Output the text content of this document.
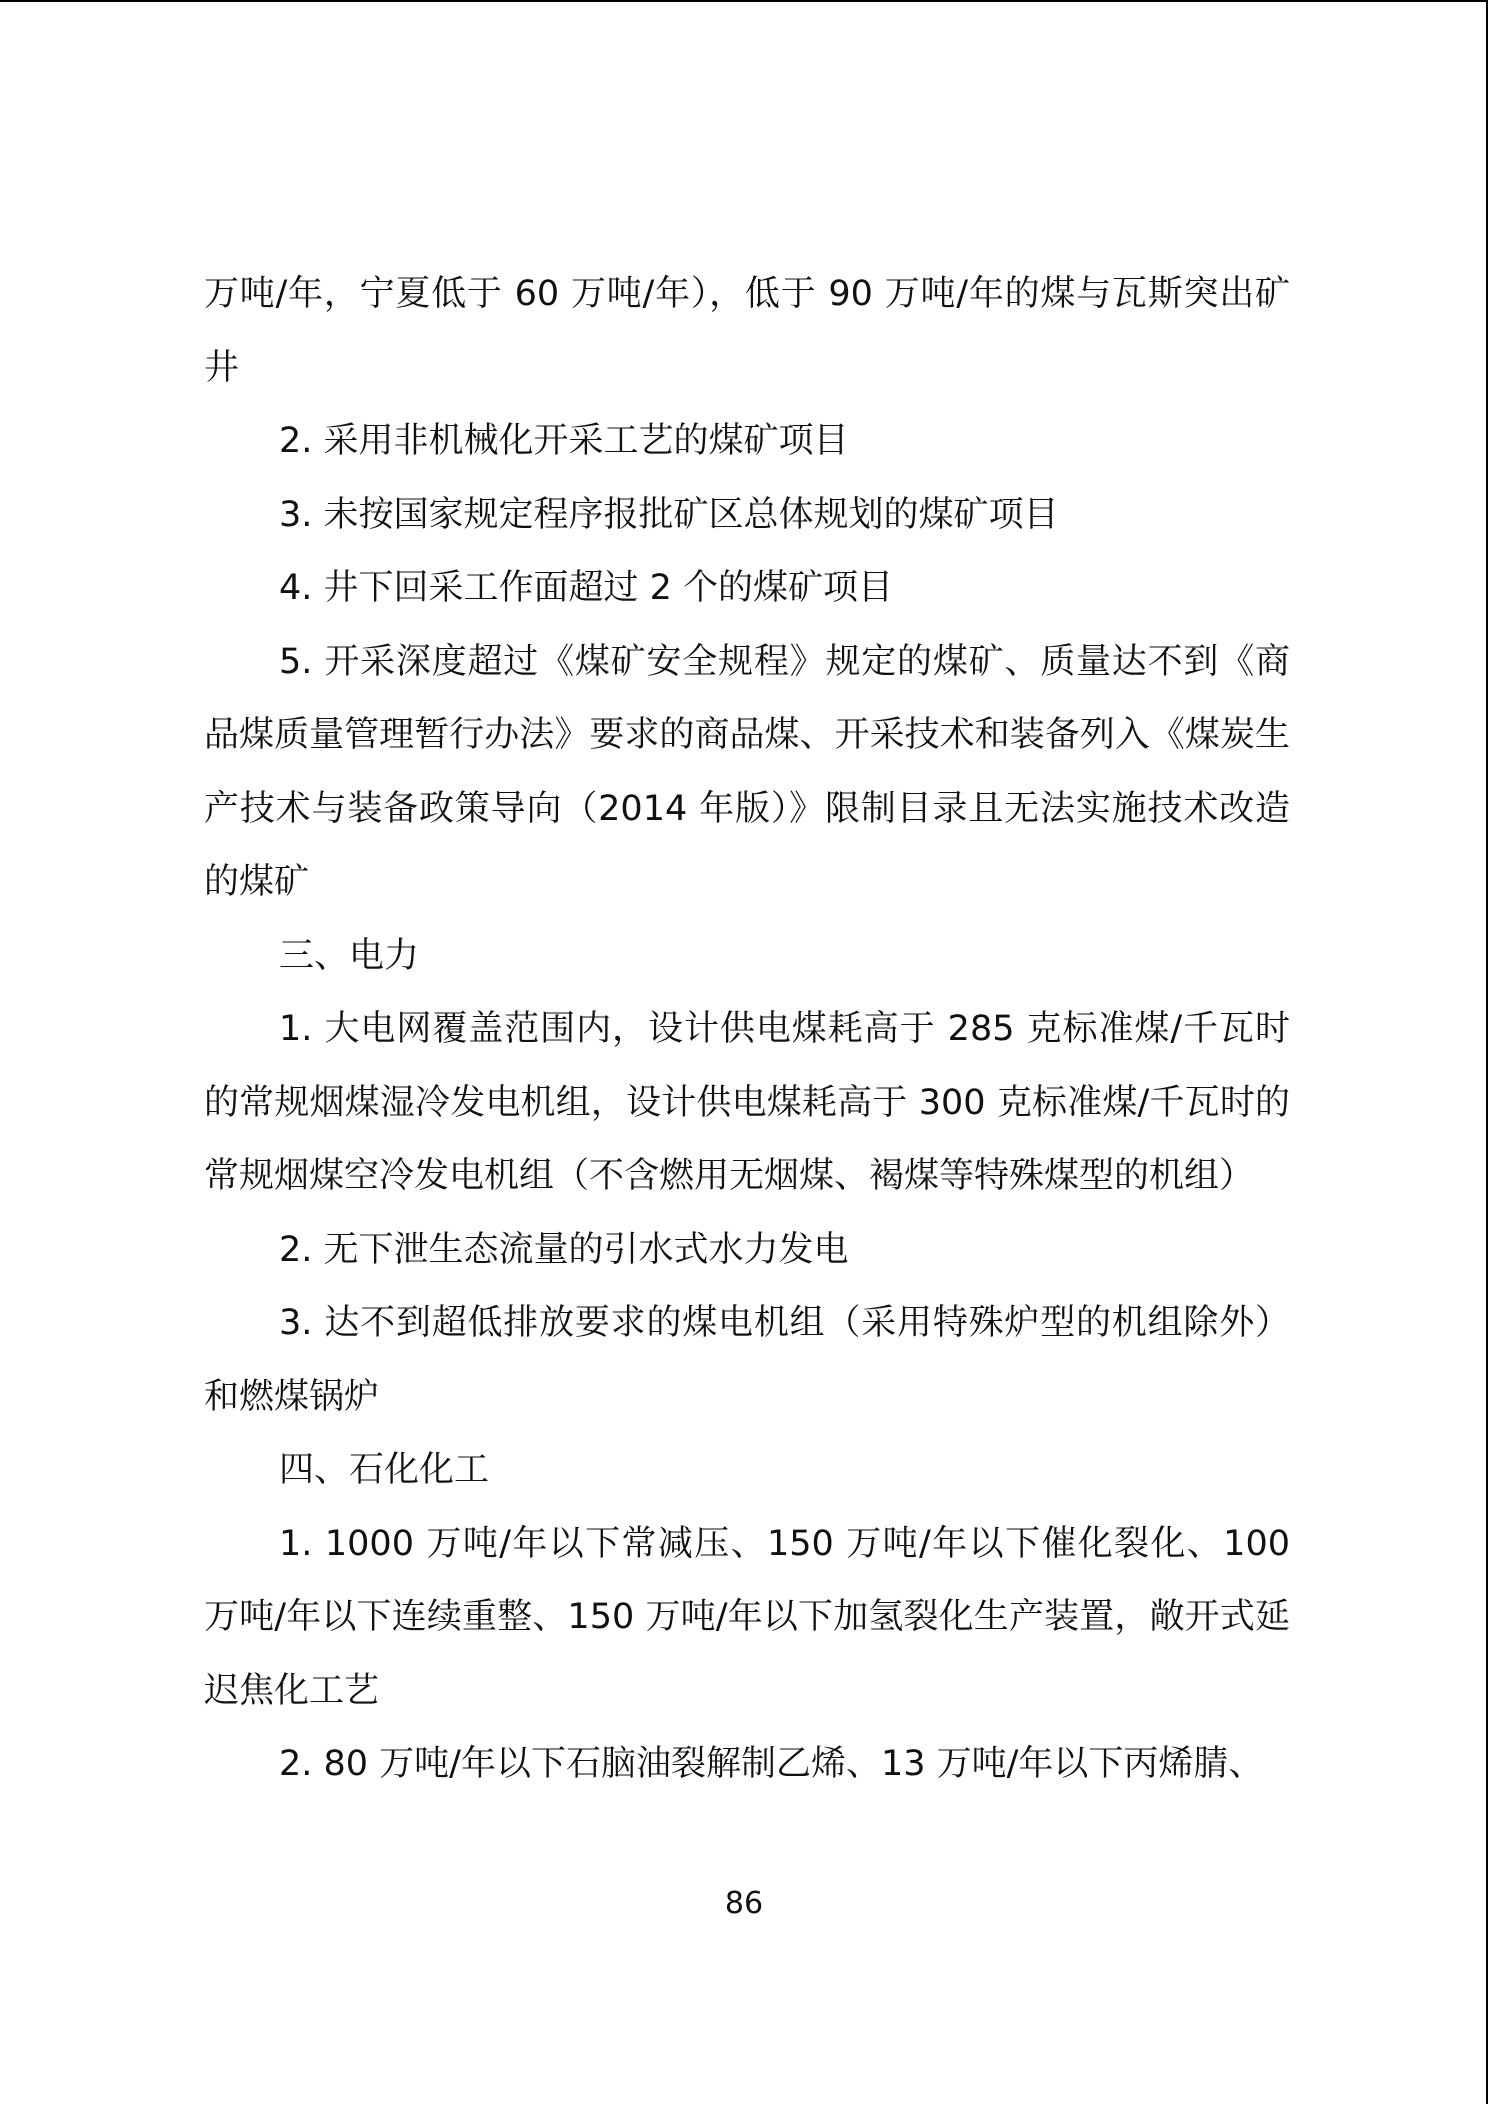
万吨/年，宁夏低于 60 万吨/年），低于 90 万吨/年的煤与瓦斯突出矿井

2. 采用非机械化开采工艺的煤矿项目

3. 未按国家规定程序报批矿区总体规划的煤矿项目

4. 井下回采工作面超过 2 个的煤矿项目

5. 开采深度超过《煤矿安全规程》规定的煤矿、质量达不到《商品煤质量管理暂行办法》要求的商品煤、开采技术和装备列入《煤炭生产技术与装备政策导向（2014 年版）》限制目录且无法实施技术改造的煤矿

三、电力

1. 大电网覆盖范围内，设计供电煤耗高于 285 克标准煤/千瓦时的常规烟煤湿冷发电机组，设计供电煤耗高于 300 克标准煤/千瓦时的常规烟煤空冷发电机组（不含燃用无烟煤、褐煤等特殊煤型的机组）

2. 无下泄生态流量的引水式水力发电

3. 达不到超低排放要求的煤电机组（采用特殊炉型的机组除外）和燃煤锅炉

四、石化化工

1. 1000 万吨/年以下常减压、150 万吨/年以下催化裂化、100 万吨/年以下连续重整、150 万吨/年以下加氢裂化生产装置，敞开式延迟焦化工艺

2. 80 万吨/年以下石脑油裂解制乙烯、13 万吨/年以下丙烯腈、

86
